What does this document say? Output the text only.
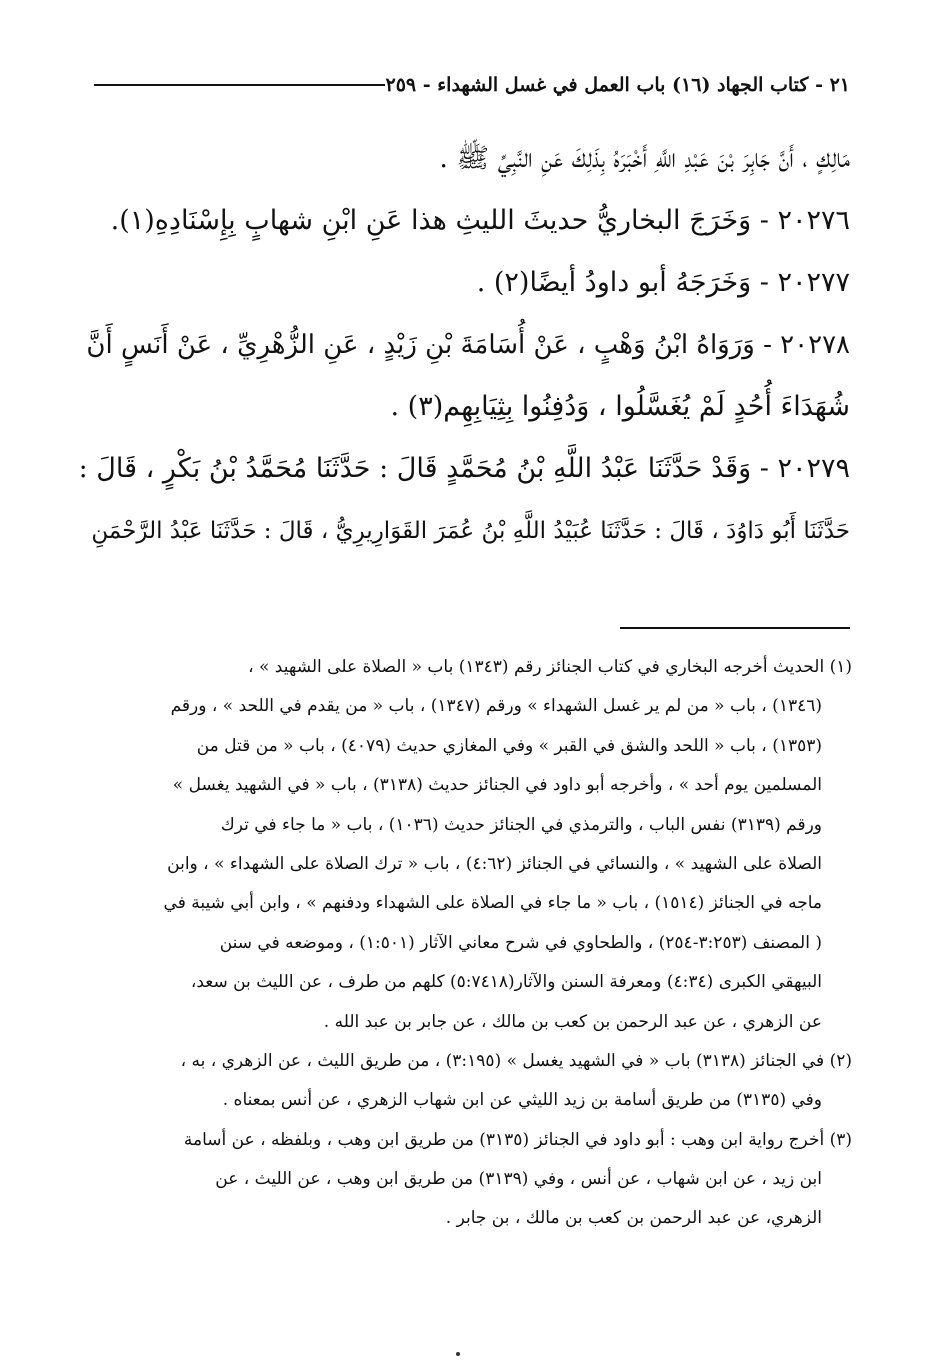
٢١ - كتاب الجهاد (١٦) باب العمل في غسل الشهداء - ٢٥٩
مَالِكٍ ، أَنَّ جَابِرَ بْنَ عَبْدِ اللَّهِ أَخْبَرَهُ بِذَلِكَ عَنِ النَّبِيِّ ﷺ .
٢٠٢٧٦ - وَخَرَجَ البخاريُّ حديثَ الليثِ هذا عَنِ ابْنِ شهابٍ بِإِسْنَادِهِ(١).
٢٠٢٧٧ - وَخَرَجَهُ أبو داودُ أيضًا(٢) .
٢٠٢٧٨ - وَرَوَاهُ ابْنُ وَهْبٍ ، عَنْ أُسَامَةَ بْنِ زَيْدٍ ، عَنِ الزُّهْرِيِّ ، عَنْ أَنَسٍ أَنَّ
شُهَدَاءَ أُحُدٍ لَمْ يُغَسَّلُوا ، وَدُفِنُوا بِثِيَابِهِم(٣) .
٢٠٢٧٩ - وَقَدْ حَدَّثَنَا عَبْدُ اللَّهِ بْنُ مُحَمَّدٍ قَالَ : حَدَّثَنَا مُحَمَّدُ بْنُ بَكْرٍ ، قَالَ :
حَدَّثَنَا أَبُو دَاوُدَ ، قَالَ : حَدَّثَنَا عُبَيْدُ اللَّهِ بْنُ عُمَرَ القَوَارِيرِيُّ ، قَالَ : حَدَّثَنَا عَبْدُ الرَّحْمَنِ
(١) الحديث أخرجه البخاري في كتاب الجنائز رقم (١٣٤٣) باب « الصلاة على الشهيد » ،
(١٣٤٦) ، باب « من لم ير غسل الشهداء » ورقم (١٣٤٧) ، باب « من يقدم في اللحد » ، ورقم
(١٣٥٣) ، باب « اللحد والشق في القبر » وفي المغازي حديث (٤٠٧٩) ، باب « من قتل من
المسلمين يوم أحد » ، وأخرجه أبو داود في الجنائز حديث (٣١٣٨) ، باب « في الشهيد يغسل »
ورقم (٣١٣٩) نفس الباب ، والترمذي في الجنائز حديث (١٠٣٦) ، باب « ما جاء في ترك
الصلاة على الشهيد » ، والنسائي في الجنائز (٤:٦٢) ، باب « ترك الصلاة على الشهداء » ، وابن
ماجه في الجنائز (١٥١٤) ، باب « ما جاء في الصلاة على الشهداء ودفنهم » ، وابن أبي شيبة في
( المصنف (٣:٢٥٣-٢٥٤) ، والطحاوي في شرح معاني الآثار (١:٥٠١) ، وموضعه في سنن
البيهقي الكبرى (٤:٣٤) ومعرفة السنن والآثار(٥:٧٤١٨) كلهم من طرف ، عن الليث بن سعد،
عن الزهري ، عن عبد الرحمن بن كعب بن مالك ، عن جابر بن عبد الله .
(٢) في الجنائز (٣١٣٨) باب « في الشهيد يغسل » (٣:١٩٥) ، من طريق الليث ، عن الزهري ، به ،
وفي (٣١٣٥) من طريق أسامة بن زيد الليثي عن ابن شهاب الزهري ، عن أنس بمعناه .
(٣) أخرج رواية ابن وهب : أبو داود في الجنائز (٣١٣٥) من طريق ابن وهب ، وبلفظه ، عن أسامة
ابن زيد ، عن ابن شهاب ، عن أنس ، وفي (٣١٣٩) من طريق ابن وهب ، عن الليث ، عن
الزهري، عن عبد الرحمن بن كعب بن مالك ، بن جابر .
